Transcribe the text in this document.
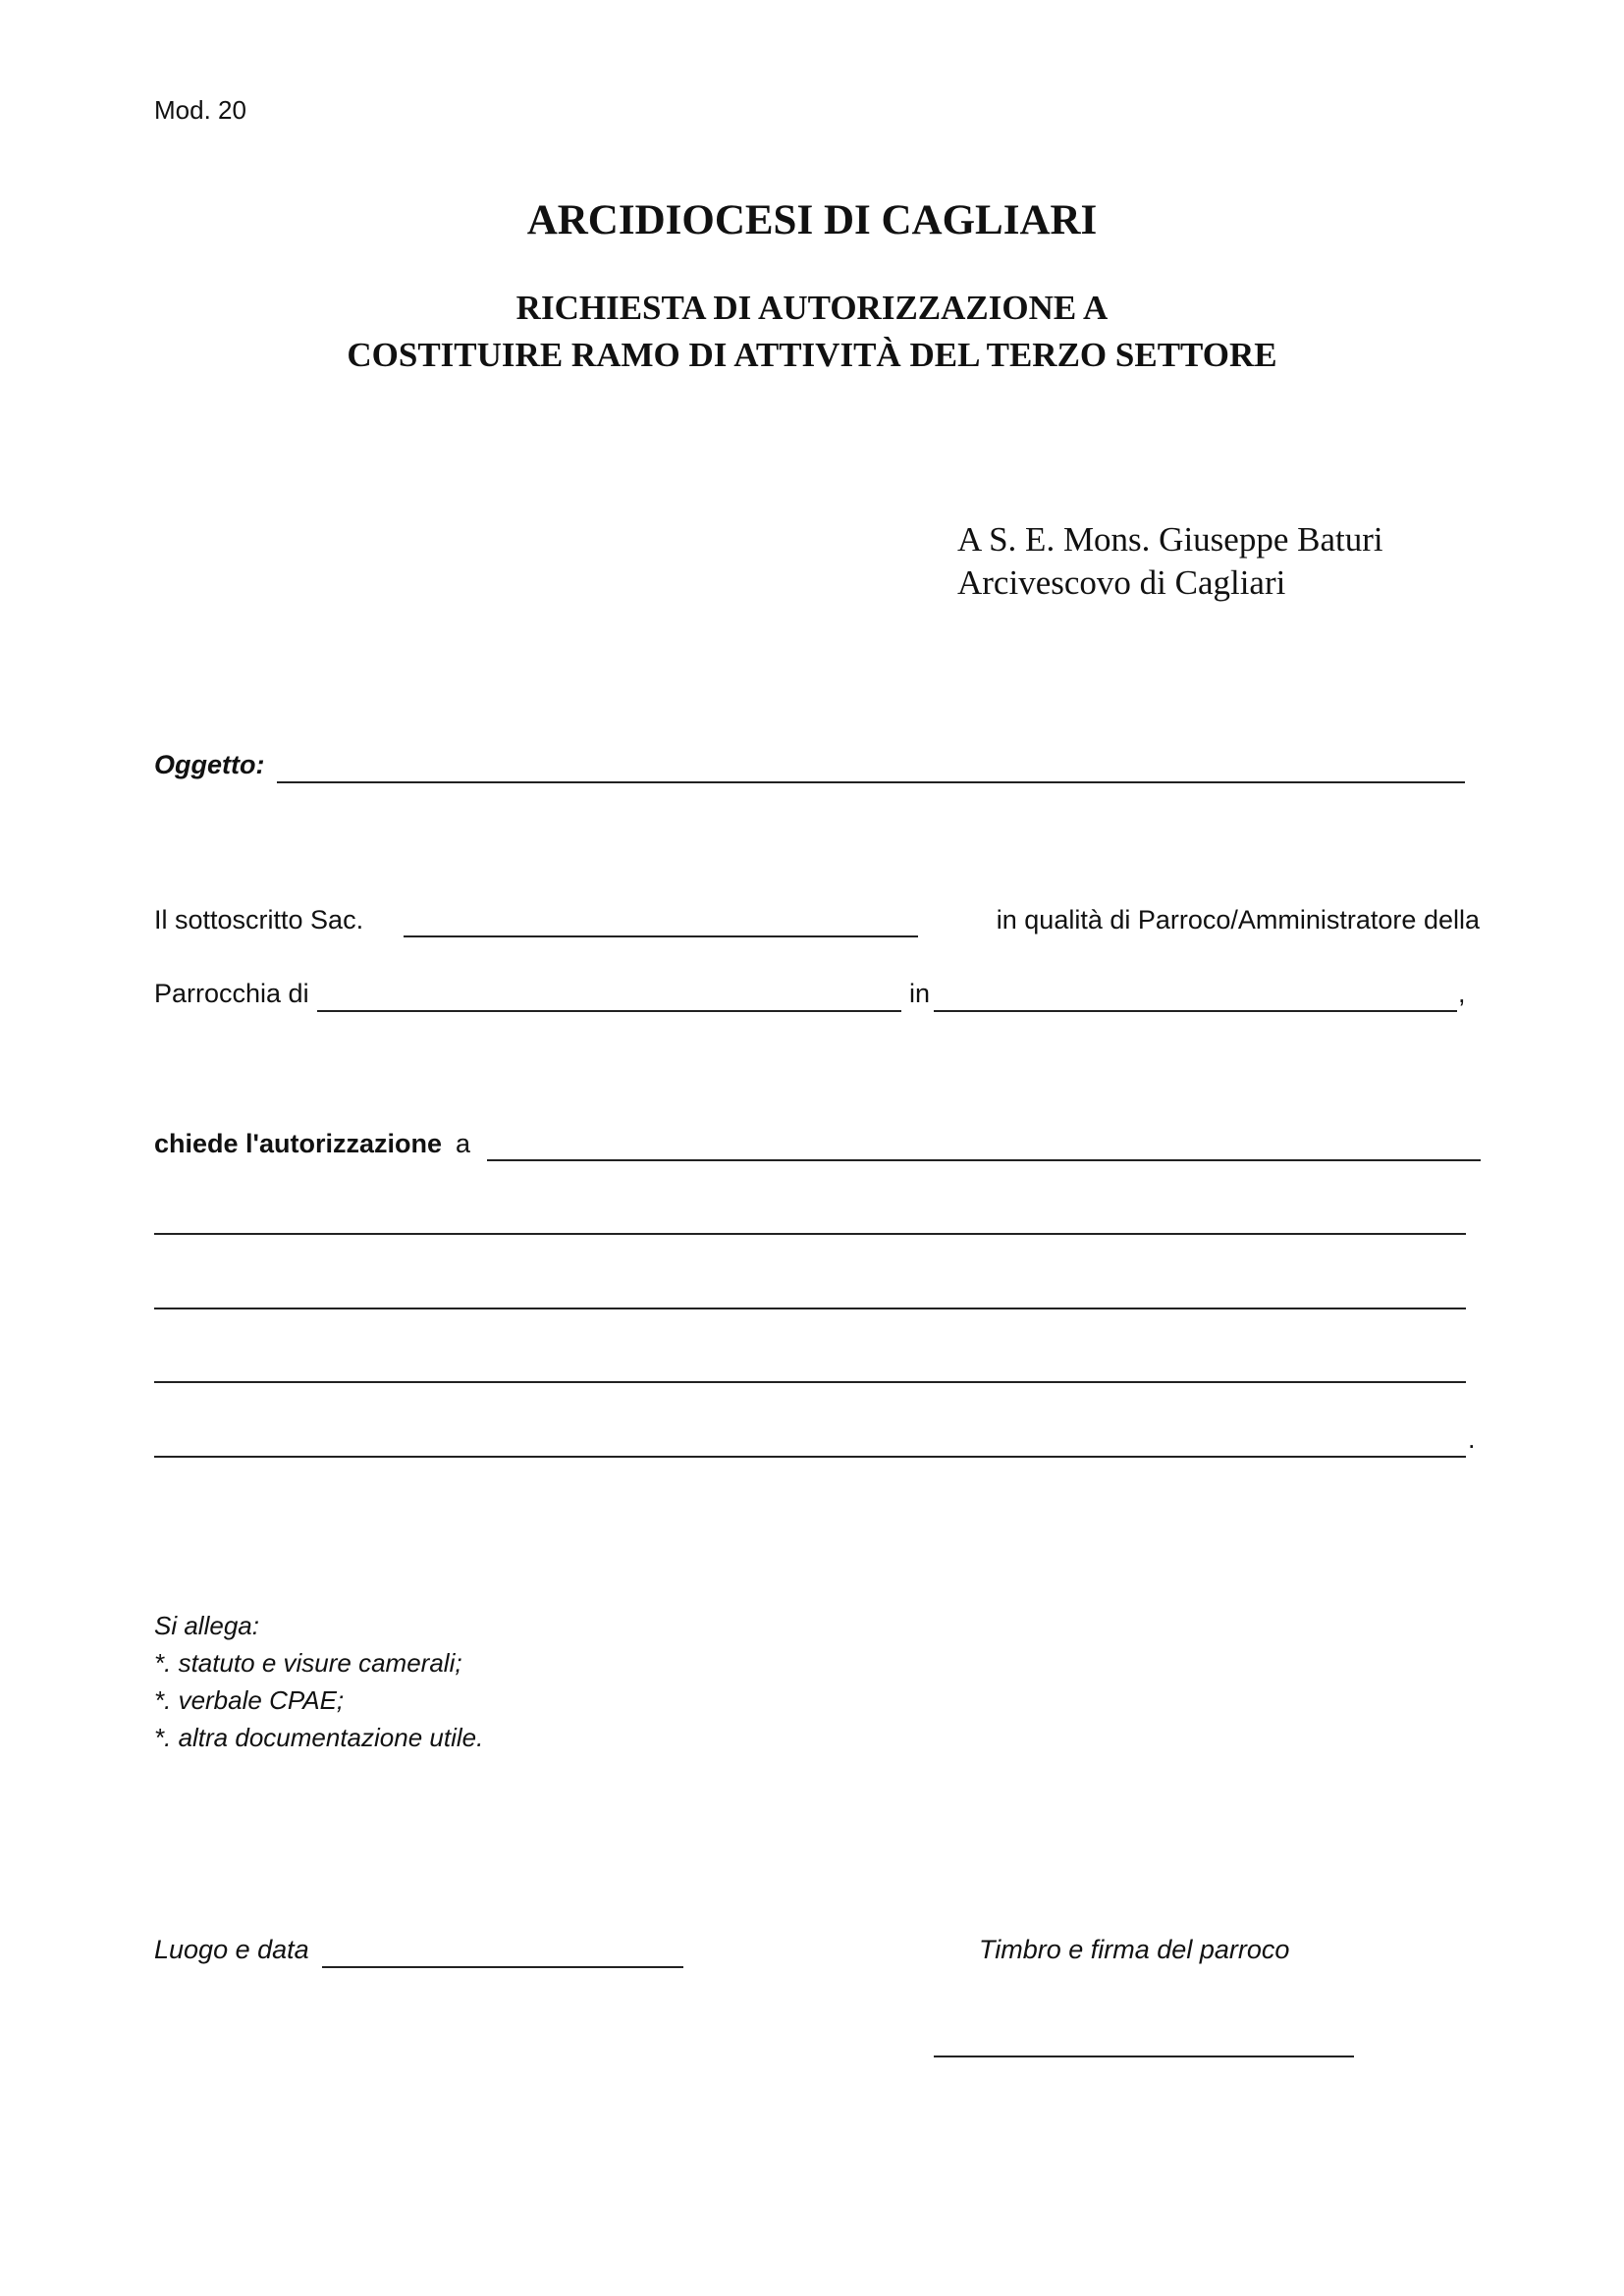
Mod. 20
ARCIDIOCESI DI CAGLIARI
RICHIESTA DI AUTORIZZAZIONE A
COSTITUIRE RAMO DI ATTIVITÀ DEL TERZO SETTORE
A S. E. Mons. Giuseppe Baturi
Arcivescovo di Cagliari
Oggetto:
Il sottoscritto Sac.	in qualità di Parroco/Amministratore della
Parrocchia di	in	,
chiede l'autorizzazione a
.
Si allega:
*. statuto e visure camerali;
*. verbale CPAE;
*. altra documentazione utile.
Luogo e data	Timbro e firma del parroco
